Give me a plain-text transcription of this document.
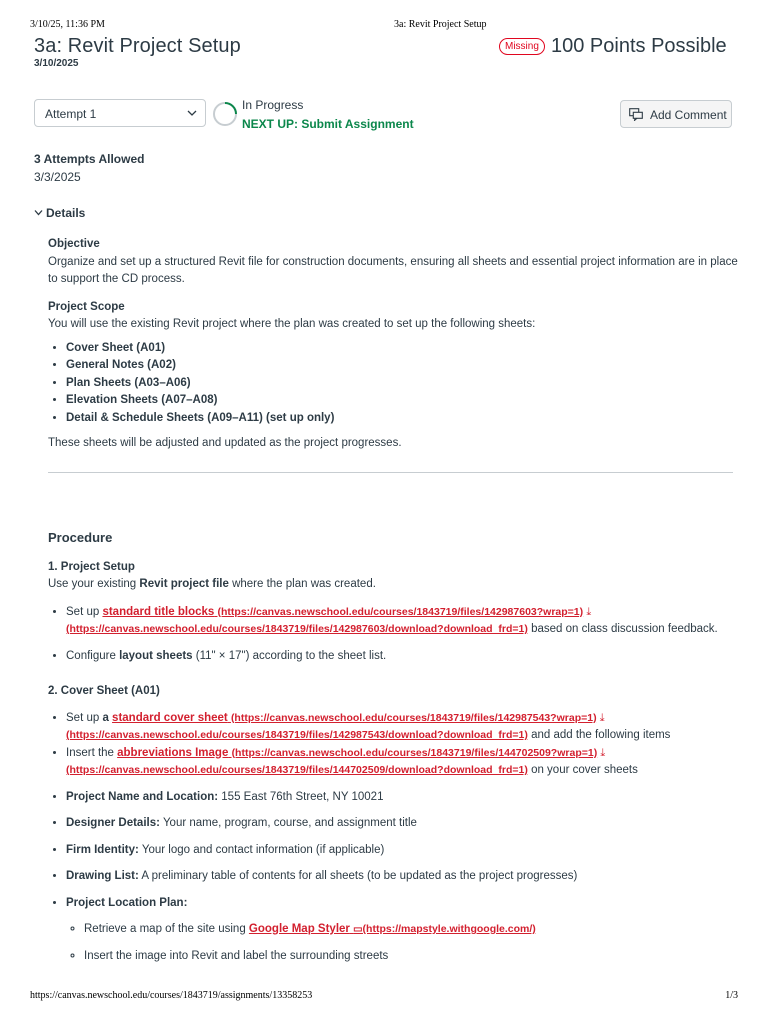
3/10/25, 11:36 PM	3a: Revit Project Setup
3a: Revit Project Setup	Missing 100 Points Possible
3/10/2025
Attempt 1
In Progress
NEXT UP: Submit Assignment
Add Comment
3 Attempts Allowed
3/3/2025
Details

Objective

Organize and set up a structured Revit file for construction documents, ensuring all sheets and essential project information are in place to support the CD process.

Project Scope

You will use the existing Revit project where the plan was created to set up the following sheets:

• Cover Sheet (A01)
• General Notes (A02)
• Plan Sheets (A03–A06)
• Elevation Sheets (A07–A08)
• Detail & Schedule Sheets (A09–A11) (set up only)

These sheets will be adjusted and updated as the project progresses.

Procedure

1. Project Setup

Use your existing Revit project file where the plan was created.

• Set up standard title blocks (https://canvas.newschool.edu/courses/1843719/files/142987603?wrap=1) ⤓
(https://canvas.newschool.edu/courses/1843719/files/142987603/download?download_frd=1) based on class discussion feedback.
• Configure layout sheets (11" × 17") according to the sheet list.

2. Cover Sheet (A01)

• Set up a standard cover sheet (https://canvas.newschool.edu/courses/1843719/files/142987543?wrap=1) ⤓
(https://canvas.newschool.edu/courses/1843719/files/142987543/download?download_frd=1) and add the following items
• Insert the abbreviations Image (https://canvas.newschool.edu/courses/1843719/files/144702509?wrap=1) ⤓
(https://canvas.newschool.edu/courses/1843719/files/144702509/download?download_frd=1) on your cover sheets
• Project Name and Location: 155 East 76th Street, NY 10021
• Designer Details: Your name, program, course, and assignment title
• Firm Identity: Your logo and contact information (if applicable)
• Drawing List: A preliminary table of contents for all sheets (to be updated as the project progresses)
• Project Location Plan:
◦ Retrieve a map of the site using Google Map Styler ▭(https://mapstyle.withgoogle.com/)
◦ Insert the image into Revit and label the surrounding streets
https://canvas.newschool.edu/courses/1843719/assignments/13358253	1/3
